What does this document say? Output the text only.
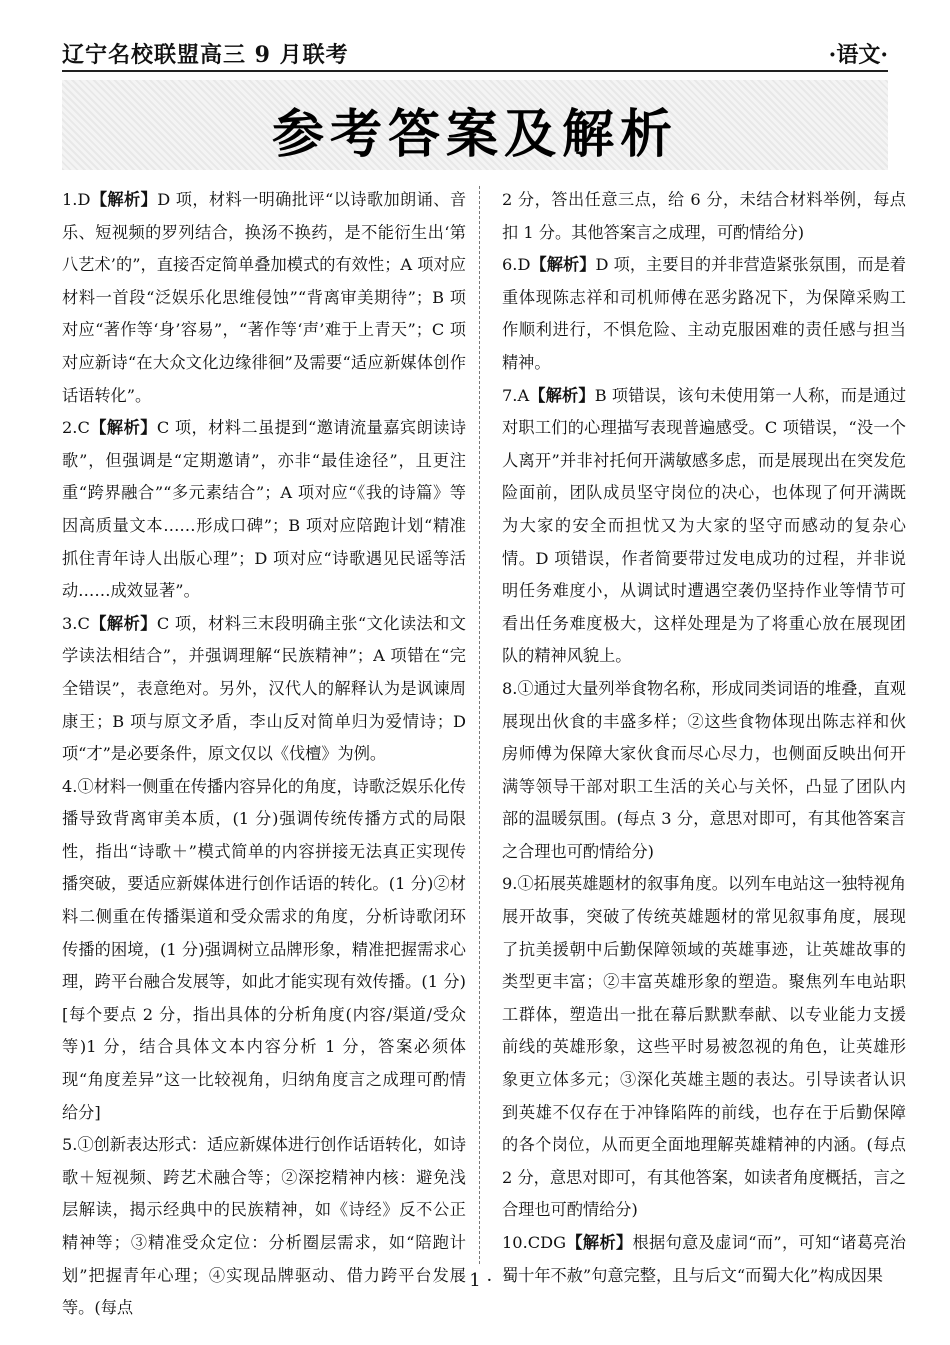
辽宁名校联盟高三 9 月联考	·语文·
参考答案及解析

1.D【解析】D 项，材料一明确批评“以诗歌加朗诵、音乐、短视频的罗列结合，换汤不换药，是不能衍生出‘第八艺术’的”，直接否定简单叠加模式的有效性；A 项对应材料一首段“泛娱乐化思维侵蚀”“背离审美期待”；B 项对应“著作等‘身’容易”，“著作等‘声’难于上青天”；C 项对应新诗“在大众文化边缘徘徊”及需要“适应新媒体创作话语转化”。

2.C【解析】C 项，材料二虽提到“邀请流量嘉宾朗读诗歌”，但强调是“定期邀请”，亦非“最佳途径”，且更注重“跨界融合”“多元素结合”；A 项对应“《我的诗篇》等因高质量文本……形成口碑”；B 项对应陪跑计划“精准抓住青年诗人出版心理”；D 项对应“诗歌遇见民谣等活动……成效显著”。

3.C【解析】C 项，材料三末段明确主张“文化读法和文学读法相结合”，并强调理解“民族精神”；A 项错在“完全错误”，表意绝对。另外，汉代人的解释认为是讽谏周康王；B 项与原文矛盾，李山反对简单归为爱情诗；D 项“才”是必要条件，原文仅以《伐檀》为例。

4.①材料一侧重在传播内容异化的角度，诗歌泛娱乐化传播导致背离审美本质，(1 分)强调传统传播方式的局限性，指出“诗歌＋”模式简单的内容拼接无法真正实现传播突破，要适应新媒体进行创作话语的转化。(1 分)②材料二侧重在传播渠道和受众需求的角度，分析诗歌闭环传播的困境，(1 分)强调树立品牌形象，精准把握需求心理，跨平台融合发展等，如此才能实现有效传播。(1 分)[每个要点 2 分，指出具体的分析角度(内容/渠道/受众等)1 分，结合具体文本内容分析 1 分，答案必须体现“角度差异”这一比较视角，归纳角度言之成理可酌情给分]

5.①创新表达形式：适应新媒体进行创作话语转化，如诗歌＋短视频、跨艺术融合等；②深挖精神内核：避免浅层解读，揭示经典中的民族精神，如《诗经》反不公正精神等；③精准受众定位：分析圈层需求，如“陪跑计划”把握青年心理；④实现品牌驱动、借力跨平台发展等。(每点

2 分，答出任意三点，给 6 分，未结合材料举例，每点扣 1 分。其他答案言之成理，可酌情给分)

6.D【解析】D 项，主要目的并非营造紧张氛围，而是着重体现陈志祥和司机师傅在恶劣路况下，为保障采购工作顺利进行，不惧危险、主动克服困难的责任感与担当精神。

7.A【解析】B 项错误，该句未使用第一人称，而是通过对职工们的心理描写表现普遍感受。C 项错误，“没一个人离开”并非衬托何开满敏感多虑，而是展现出在突发危险面前，团队成员坚守岗位的决心，也体现了何开满既为大家的安全而担忧又为大家的坚守而感动的复杂心情。D 项错误，作者简要带过发电成功的过程，并非说明任务难度小，从调试时遭遇空袭仍坚持作业等情节可看出任务难度极大，这样处理是为了将重心放在展现团队的精神风貌上。

8.①通过大量列举食物名称，形成同类词语的堆叠，直观展现出伙食的丰盛多样；②这些食物体现出陈志祥和伙房师傅为保障大家伙食而尽心尽力，也侧面反映出何开满等领导干部对职工生活的关心与关怀，凸显了团队内部的温暖氛围。(每点 3 分，意思对即可，有其他答案言之合理也可酌情给分)

9.①拓展英雄题材的叙事角度。以列车电站这一独特视角展开故事，突破了传统英雄题材的常见叙事角度，展现了抗美援朝中后勤保障领域的英雄事迹，让英雄故事的类型更丰富；②丰富英雄形象的塑造。聚焦列车电站职工群体，塑造出一批在幕后默默奉献、以专业能力支援前线的英雄形象，这些平时易被忽视的角色，让英雄形象更立体多元；③深化英雄主题的表达。引导读者认识到英雄不仅存在于冲锋陷阵的前线，也存在于后勤保障的各个岗位，从而更全面地理解英雄精神的内涵。(每点 2 分，意思对即可，有其他答案，如读者角度概括，言之合理也可酌情给分)

10.CDG【解析】根据句意及虚词“而”，可知“诸葛亮治蜀十年不赦”句意完整，且与后文“而蜀大化”构成因果

· 1 ·
